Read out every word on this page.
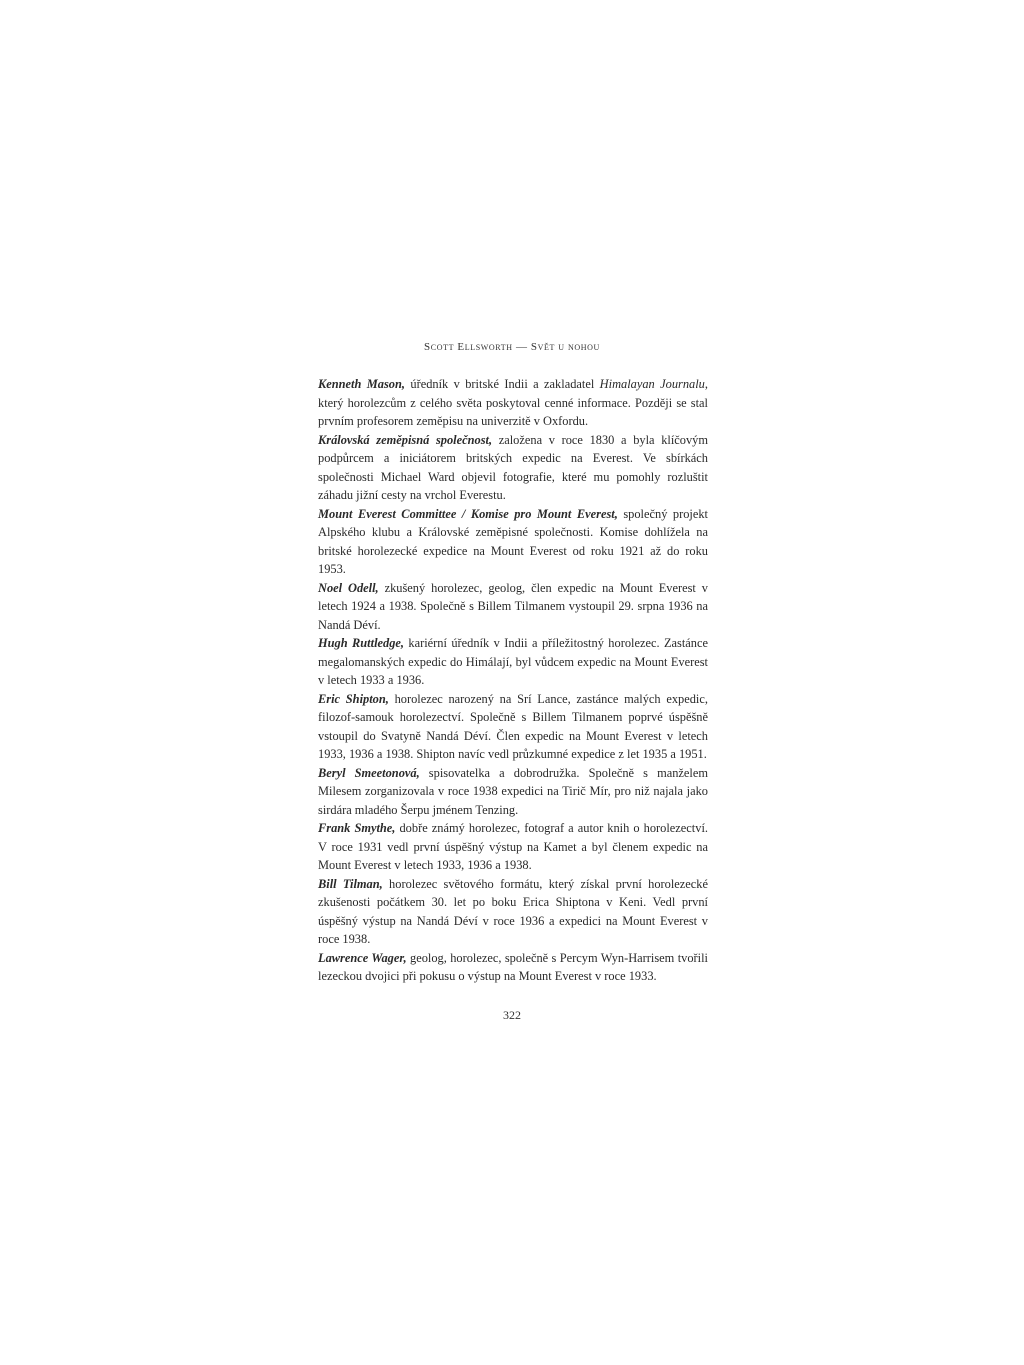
Scott Ellsworth — Svět u nohou

Kenneth Mason, úředník v britské Indii a zakladatel Himalayan Journalu, který horolezcům z celého světa poskytoval cenné informace. Později se stal prvním profesorem zeměpisu na univerzitě v Oxfordu.

Královská zeměpisná společnost, založena v roce 1830 a byla klíčovým podpůrcem a iniciátorem britských expedic na Everest. Ve sbírkách společnosti Michael Ward objevil fotografie, které mu pomohly rozluštit záhadu jižní cesty na vrchol Everestu.

Mount Everest Committee / Komise pro Mount Everest, společný projekt Alpského klubu a Královské zeměpisné společnosti. Komise dohlížela na britské horolezecké expedice na Mount Everest od roku 1921 až do roku 1953.

Noel Odell, zkušený horolezec, geolog, člen expedic na Mount Everest v letech 1924 a 1938. Společně s Billem Tilmanem vystoupil 29. srpna 1936 na Nandá Déví.

Hugh Ruttledge, kariérní úředník v Indii a příležitostný horolezec. Zastánce megalomanských expedic do Himálají, byl vůdcem expedic na Mount Everest v letech 1933 a 1936.

Eric Shipton, horolezec narozený na Srí Lance, zastánce malých expedic, filozof-samouk horolezectví. Společně s Billem Tilmanem poprvé úspěšně vstoupil do Svatyně Nandá Déví. Člen expedic na Mount Everest v letech 1933, 1936 a 1938. Shipton navíc vedl průzkumné expedice z let 1935 a 1951.

Beryl Smeetonová, spisovatelka a dobrodružka. Společně s manželem Milesem zorganizovala v roce 1938 expedici na Tirič Mír, pro niž najala jako sirdára mladého Šerpu jménem Tenzing.

Frank Smythe, dobře známý horolezec, fotograf a autor knih o horolezectví. V roce 1931 vedl první úspěšný výstup na Kamet a byl členem expedic na Mount Everest v letech 1933, 1936 a 1938.

Bill Tilman, horolezec světového formátu, který získal první horolezecké zkušenosti počátkem 30. let po boku Erica Shiptona v Keni. Vedl první úspěšný výstup na Nandá Déví v roce 1936 a expedici na Mount Everest v roce 1938.

Lawrence Wager, geolog, horolezec, společně s Percym Wyn-Harrisem tvořili lezeckou dvojici při pokusu o výstup na Mount Everest v roce 1933.

322
